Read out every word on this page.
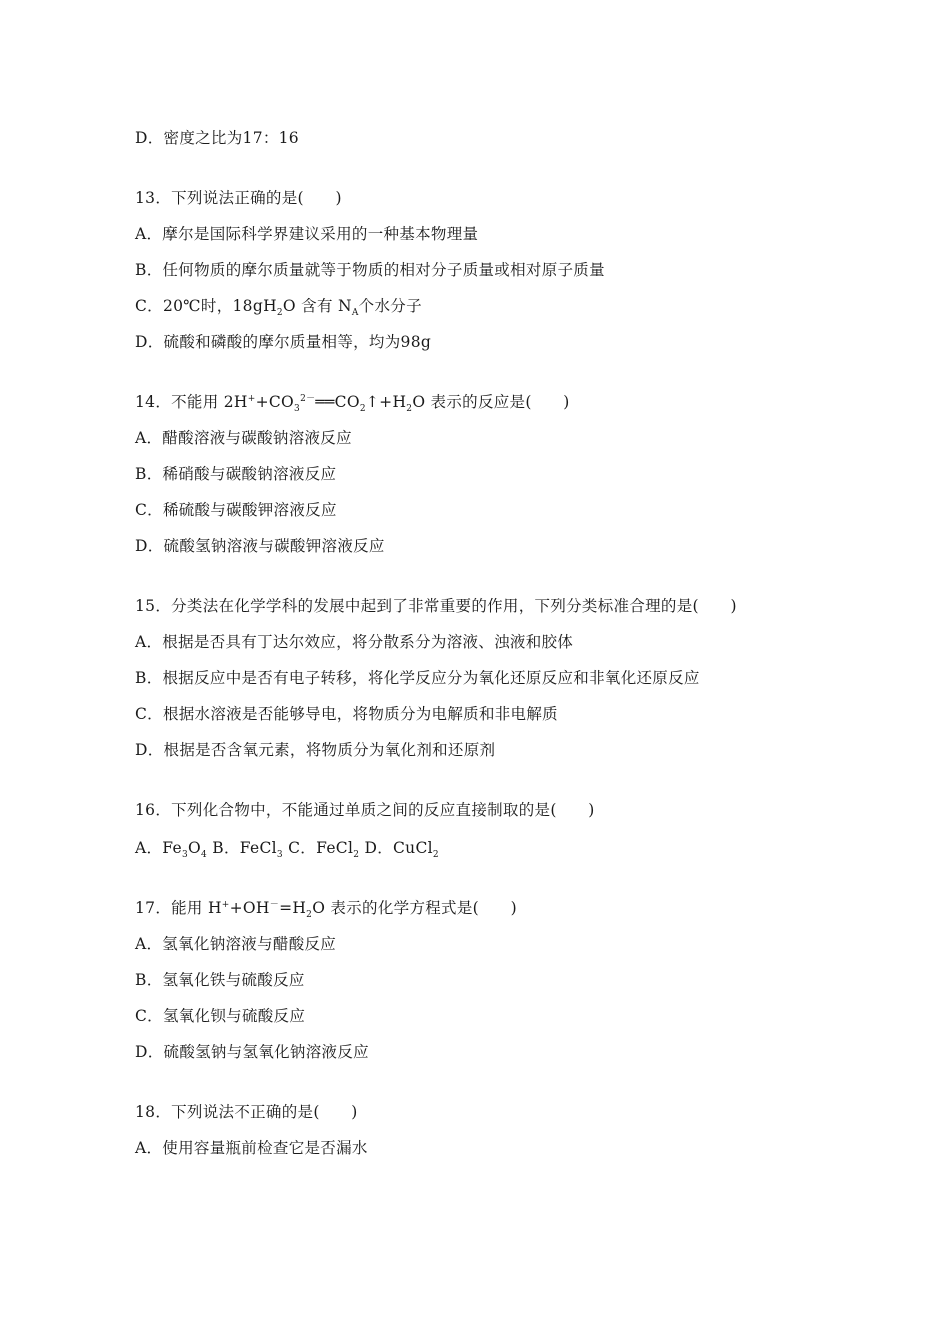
D．密度之比为17：16
13．下列说法正确的是(　　)
A．摩尔是国际科学界建议采用的一种基本物理量
B．任何物质的摩尔质量就等于物质的相对分子质量或相对原子质量
C．20℃时，$18gH_2O$ 含有 $N_A$个水分子
D．硫酸和磷酸的摩尔质量相等，均为98g
14．不能用 $2H^++CO_3^{2-}══CO_2↑+H_2O$ 表示的反应是(　　)
A．醋酸溶液与碳酸钠溶液反应
B．稀硝酸与碳酸钠溶液反应
C．稀硫酸与碳酸钾溶液反应
D．硫酸氢钠溶液与碳酸钾溶液反应
15．分类法在化学学科的发展中起到了非常重要的作用，下列分类标准合理的是(　　)
A．根据是否具有丁达尔效应，将分散系分为溶液、浊液和胶体
B．根据反应中是否有电子转移，将化学反应分为氧化还原反应和非氧化还原反应
C．根据水溶液是否能够导电，将物质分为电解质和非电解质
D．根据是否含氧元素，将物质分为氧化剂和还原剂
16．下列化合物中，不能通过单质之间的反应直接制取的是(　　)
A．$Fe_3O_4$ B．FeCl$_3$ C．FeCl$_2$ D．CuCl$_2$
17．能用 $H^++OH^-=H_2O$ 表示的化学方程式是(　　)
A．氢氧化钠溶液与醋酸反应
B．氢氧化铁与硫酸反应
C．氢氧化钡与硫酸反应
D．硫酸氢钠与氢氧化钠溶液反应
18．下列说法不正确的是(　　)
A．使用容量瓶前检查它是否漏水
